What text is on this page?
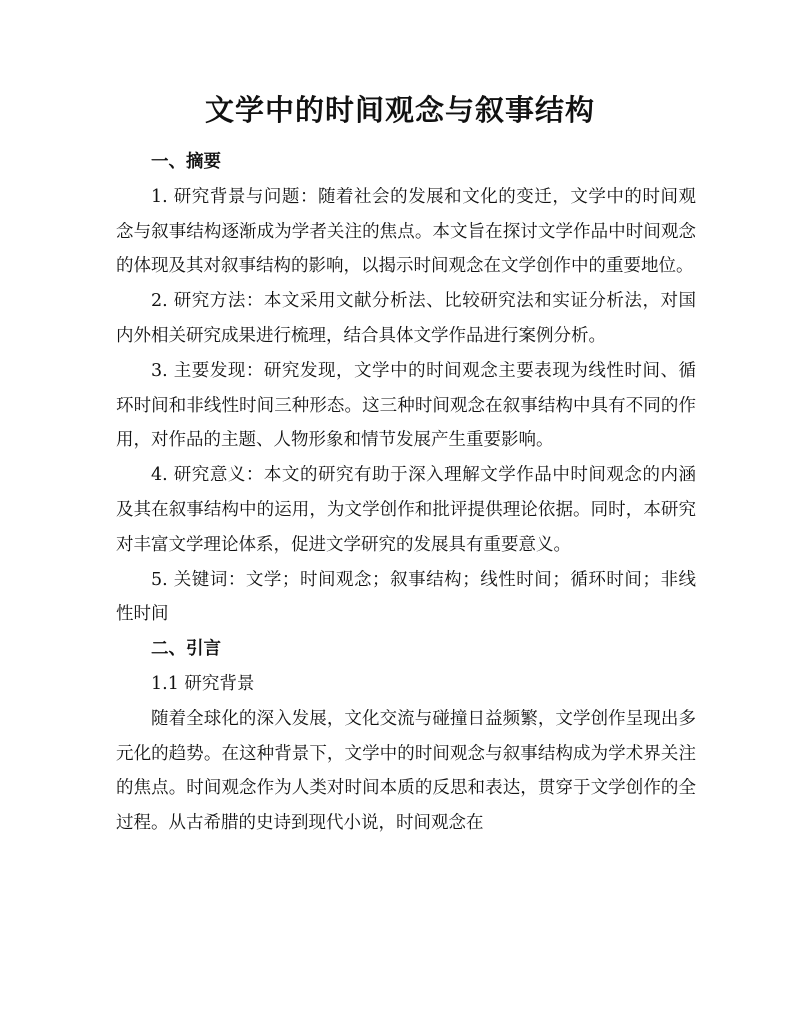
文学中的时间观念与叙事结构
一、摘要

1. 研究背景与问题：随着社会的发展和文化的变迁，文学中的时间观念与叙事结构逐渐成为学者关注的焦点。本文旨在探讨文学作品中时间观念的体现及其对叙事结构的影响，以揭示时间观念在文学创作中的重要地位。

2. 研究方法：本文采用文献分析法、比较研究法和实证分析法，对国内外相关研究成果进行梳理，结合具体文学作品进行案例分析。

3. 主要发现：研究发现，文学中的时间观念主要表现为线性时间、循环时间和非线性时间三种形态。这三种时间观念在叙事结构中具有不同的作用，对作品的主题、人物形象和情节发展产生重要影响。

4. 研究意义：本文的研究有助于深入理解文学作品中时间观念的内涵及其在叙事结构中的运用，为文学创作和批评提供理论依据。同时，本研究对丰富文学理论体系，促进文学研究的发展具有重要意义。

5. 关键词：文学；时间观念；叙事结构；线性时间；循环时间；非线性时间

二、引言
1.1 研究背景

随着全球化的深入发展，文化交流与碰撞日益频繁，文学创作呈现出多元化的趋势。在这种背景下，文学中的时间观念与叙事结构成为学术界关注的焦点。时间观念作为人类对时间本质的反思和表达，贯穿于文学创作的全过程。从古希腊的史诗到现代小说，时间观念在
